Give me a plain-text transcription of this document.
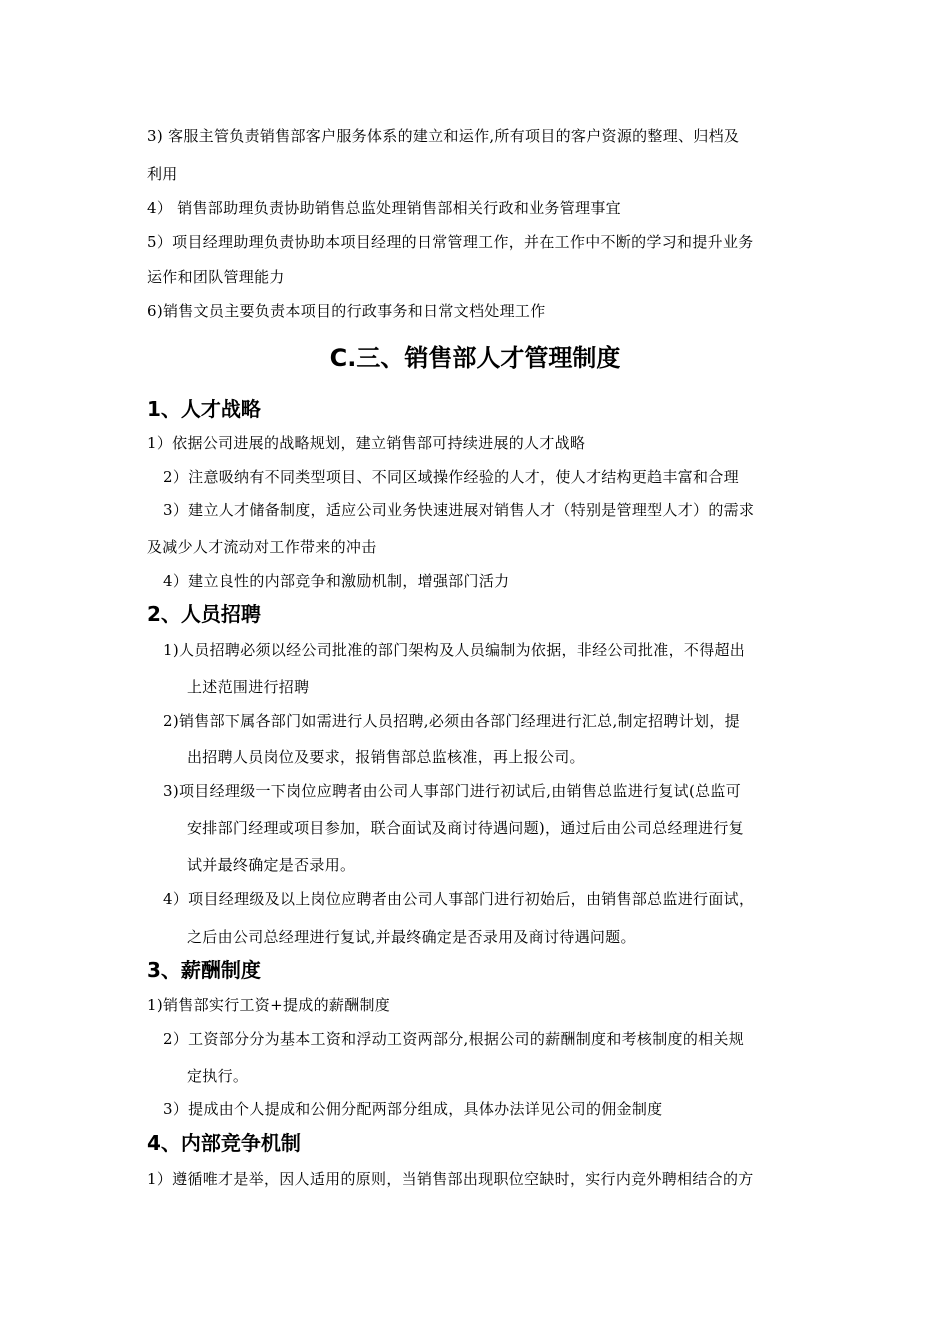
3) 客服主管负责销售部客户服务体系的建立和运作,所有项目的客户资源的整理、归档及
利用
4） 销售部助理负责协助销售总监处理销售部相关行政和业务管理事宜
5）项目经理助理负责协助本项目经理的日常管理工作，并在工作中不断的学习和提升业务
运作和团队管理能力
6)销售文员主要负责本项目的行政事务和日常文档处理工作
C.三、销售部人才管理制度
1、人才战略
1）依据公司进展的战略规划，建立销售部可持续进展的人才战略
2）注意吸纳有不同类型项目、不同区域操作经验的人才，使人才结构更趋丰富和合理
3）建立人才储备制度，适应公司业务快速进展对销售人才（特别是管理型人才）的需求
及减少人才流动对工作带来的冲击
4）建立良性的内部竞争和激励机制，增强部门活力
2、人员招聘
1)人员招聘必须以经公司批准的部门架构及人员编制为依据，非经公司批准，不得超出
上述范围进行招聘
2)销售部下属各部门如需进行人员招聘,必须由各部门经理进行汇总,制定招聘计划，提
出招聘人员岗位及要求，报销售部总监核准，再上报公司。
3)项目经理级一下岗位应聘者由公司人事部门进行初试后,由销售总监进行复试(总监可
安排部门经理或项目参加，联合面试及商讨待遇问题)，通过后由公司总经理进行复
试并最终确定是否录用。
4）项目经理级及以上岗位应聘者由公司人事部门进行初始后，由销售部总监进行面试，
之后由公司总经理进行复试,并最终确定是否录用及商讨待遇问题。
3、薪酬制度
1)销售部实行工资+提成的薪酬制度
2）工资部分分为基本工资和浮动工资两部分,根据公司的薪酬制度和考核制度的相关规
定执行。
3）提成由个人提成和公佣分配两部分组成，具体办法详见公司的佣金制度
4、内部竞争机制
1）遵循唯才是举，因人适用的原则，当销售部出现职位空缺时，实行内竞外聘相结合的方
